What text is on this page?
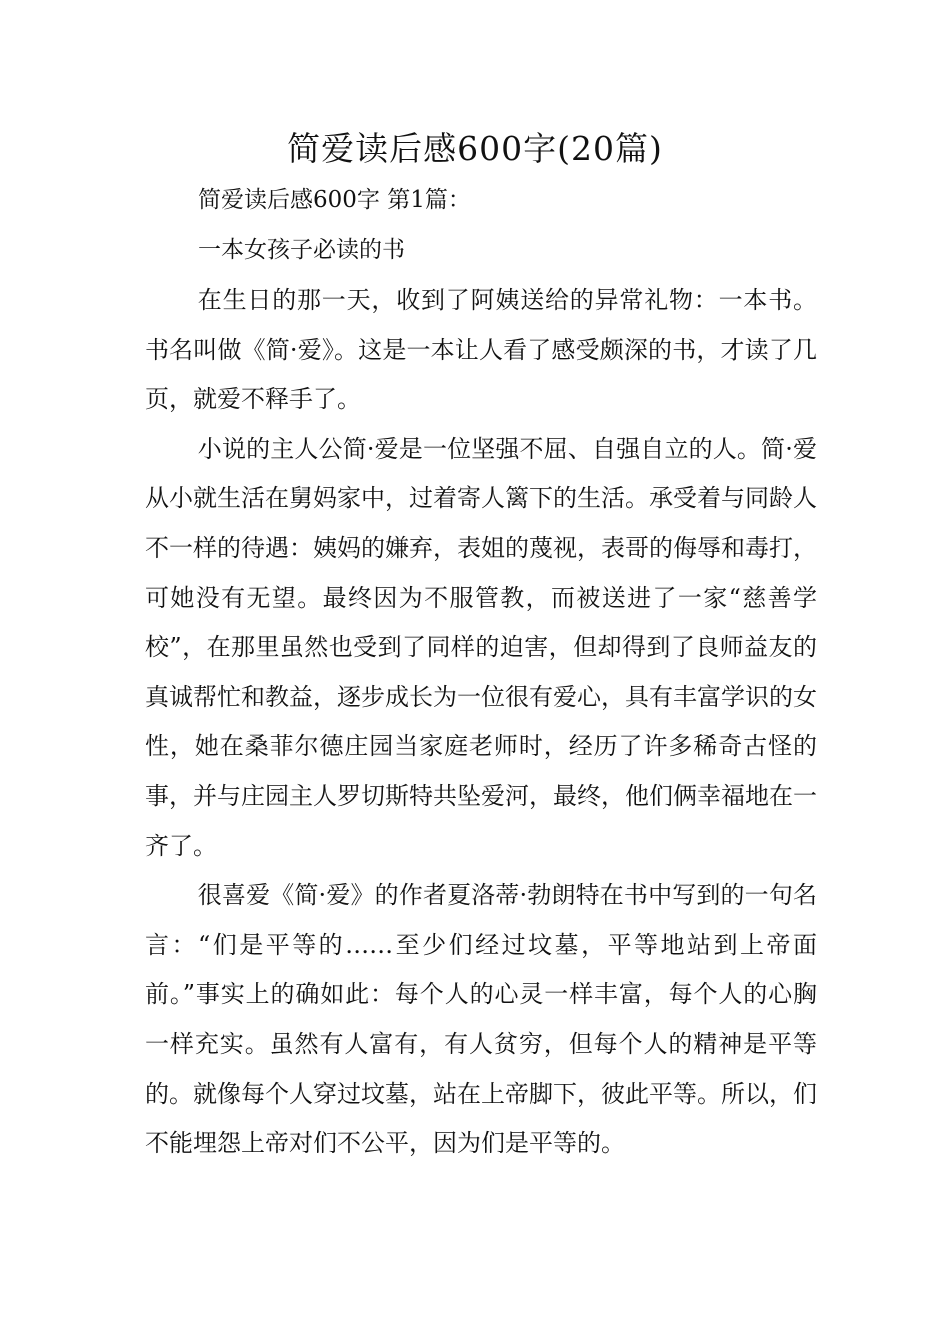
简爱读后感600字(20篇)
简爱读后感600字 第1篇：
一本女孩子必读的书

在生日的那一天，收到了阿姨送给的异常礼物：一本书。书名叫做《简·爱》。这是一本让人看了感受颇深的书，才读了几页，就爱不释手了。

小说的主人公简·爱是一位坚强不屈、自强自立的人。简·爱从小就生活在舅妈家中，过着寄人篱下的生活。承受着与同龄人不一样的待遇：姨妈的嫌弃，表姐的蔑视，表哥的侮辱和毒打，可她没有无望。最终因为不服管教，而被送进了一家“慈善学校”，在那里虽然也受到了同样的迫害，但却得到了良师益友的真诚帮忙和教益，逐步成长为一位很有爱心，具有丰富学识的女性，她在桑菲尔德庄园当家庭老师时，经历了许多稀奇古怪的事，并与庄园主人罗切斯特共坠爱河，最终，他们俩幸福地在一齐了。

很喜爱《简·爱》的作者夏洛蒂·勃朗特在书中写到的一句名言：“们是平等的……至少们经过坟墓，平等地站到上帝面前。”事实上的确如此：每个人的心灵一样丰富，每个人的心胸一样充实。虽然有人富有，有人贫穷，但每个人的精神是平等的。就像每个人穿过坟墓，站在上帝脚下，彼此平等。所以，们不能埋怨上帝对们不公平，因为们是平等的。
